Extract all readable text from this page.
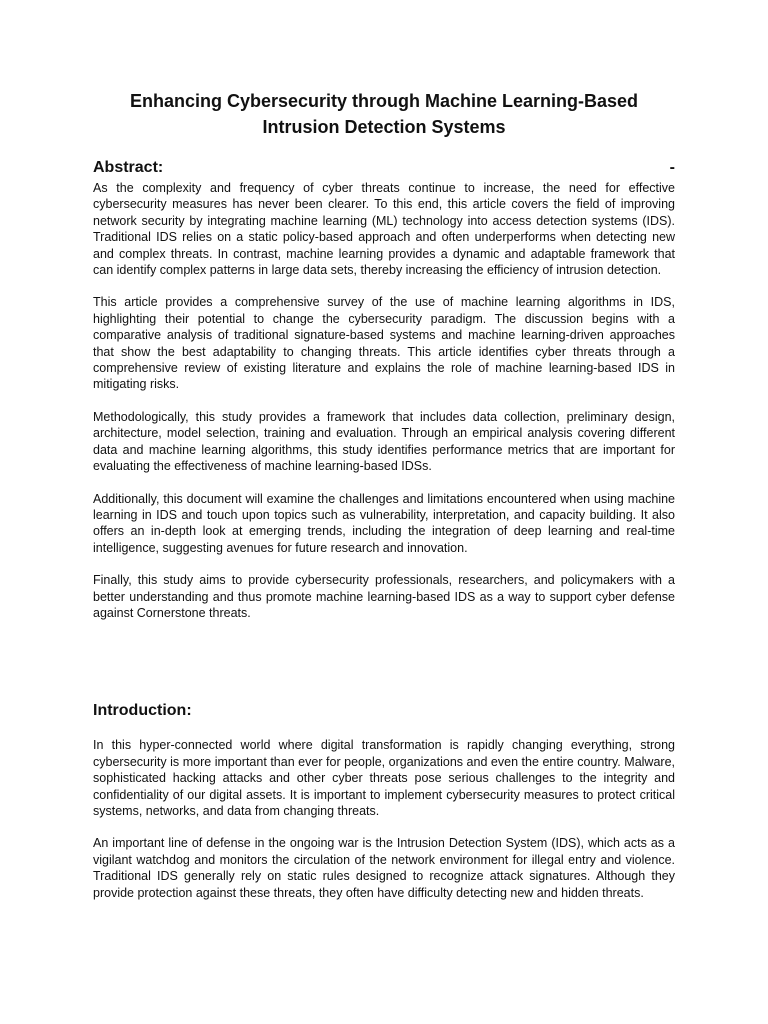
Enhancing Cybersecurity through Machine Learning-Based Intrusion Detection Systems
Abstract:	-

As the complexity and frequency of cyber threats continue to increase, the need for effective cybersecurity measures has never been clearer. To this end, this article covers the field of improving network security by integrating machine learning (ML) technology into access detection systems (IDS). Traditional IDS relies on a static policy-based approach and often underperforms when detecting new and complex threats. In contrast, machine learning provides a dynamic and adaptable framework that can identify complex patterns in large data sets, thereby increasing the efficiency of intrusion detection.

This article provides a comprehensive survey of the use of machine learning algorithms in IDS, highlighting their potential to change the cybersecurity paradigm. The discussion begins with a comparative analysis of traditional signature-based systems and machine learning-driven approaches that show the best adaptability to changing threats. This article identifies cyber threats through a comprehensive review of existing literature and explains the role of machine learning-based IDS in mitigating risks.

Methodologically, this study provides a framework that includes data collection, preliminary design, architecture, model selection, training and evaluation. Through an empirical analysis covering different data and machine learning algorithms, this study identifies performance metrics that are important for evaluating the effectiveness of machine learning-based IDSs.

Additionally, this document will examine the challenges and limitations encountered when using machine learning in IDS and touch upon topics such as vulnerability, interpretation, and capacity building. It also offers an in-depth look at emerging trends, including the integration of deep learning and real-time intelligence, suggesting avenues for future research and innovation.

Finally, this study aims to provide cybersecurity professionals, researchers, and policymakers with a better understanding and thus promote machine learning-based IDS as a way to support cyber defense against Cornerstone threats.

Introduction:

In this hyper-connected world where digital transformation is rapidly changing everything, strong cybersecurity is more important than ever for people, organizations and even the entire country. Malware, sophisticated hacking attacks and other cyber threats pose serious challenges to the integrity and confidentiality of our digital assets. It is important to implement cybersecurity measures to protect critical systems, networks, and data from changing threats.

An important line of defense in the ongoing war is the Intrusion Detection System (IDS), which acts as a vigilant watchdog and monitors the circulation of the network environment for illegal entry and violence. Traditional IDS generally rely on static rules designed to recognize attack signatures. Although they provide protection against these threats, they often have difficulty detecting new and hidden threats.
